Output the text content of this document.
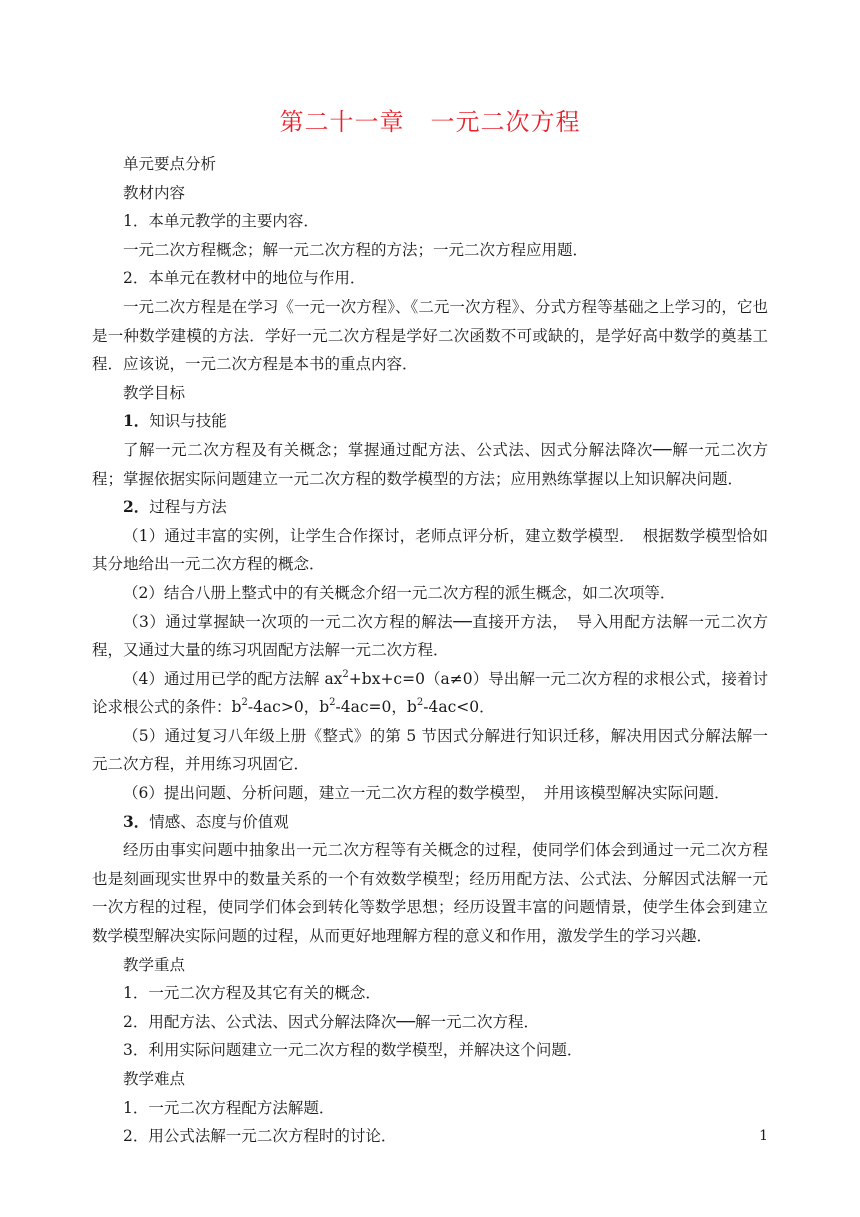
第二十一章 一元二次方程

单元要点分析

教材内容

1．本单元教学的主要内容．

一元二次方程概念；解一元二次方程的方法；一元二次方程应用题．

2．本单元在教材中的地位与作用．

一元二次方程是在学习《一元一次方程》、《二元一次方程》、分式方程等基础之上学习的，它也是一种数学建模的方法．学好一元二次方程是学好二次函数不可或缺的，是学好高中数学的奠基工程．应该说，一元二次方程是本书的重点内容．

教学目标

1．知识与技能

了解一元二次方程及有关概念；掌握通过配方法、公式法、因式分解法降次──解一元二次方程；掌握依据实际问题建立一元二次方程的数学模型的方法；应用熟练掌握以上知识解决问题．

2．过程与方法

（1）通过丰富的实例，让学生合作探讨，老师点评分析，建立数学模型．　根据数学模型恰如其分地给出一元二次方程的概念．

（2）结合八册上整式中的有关概念介绍一元二次方程的派生概念，如二次项等．

（3）通过掌握缺一次项的一元二次方程的解法──直接开方法，　导入用配方法解一元二次方程，又通过大量的练习巩固配方法解一元二次方程．

（4）通过用已学的配方法解 $ax^2+bx+c=0(a\ne 0)$导出解一元二次方程的求根公式，接着讨论求根公式的条件：$b^2-4ac>0$，$b^2-4ac=0$，$b^2-4ac<0$．

（5）通过复习八年级上册《整式》的第 5 节因式分解进行知识迁移，解决用因式分解法解一元二次方程，并用练习巩固它．

（6）提出问题、分析问题，建立一元二次方程的数学模型，　并用该模型解决实际问题．

3．情感、态度与价值观

经历由事实问题中抽象出一元二次方程等有关概念的过程，使同学们体会到通过一元二次方程也是刻画现实世界中的数量关系的一个有效数学模型；经历用配方法、公式法、分解因式法解一元一次方程的过程，使同学们体会到转化等数学思想；经历设置丰富的问题情景，使学生体会到建立数学模型解决实际问题的过程，从而更好地理解方程的意义和作用，激发学生的学习兴趣．

教学重点

1．一元二次方程及其它有关的概念．

2．用配方法、公式法、因式分解法降次──解一元二次方程．

3．利用实际问题建立一元二次方程的数学模型，并解决这个问题．

教学难点

1．一元二次方程配方法解题．

2．用公式法解一元二次方程时的讨论．	1
